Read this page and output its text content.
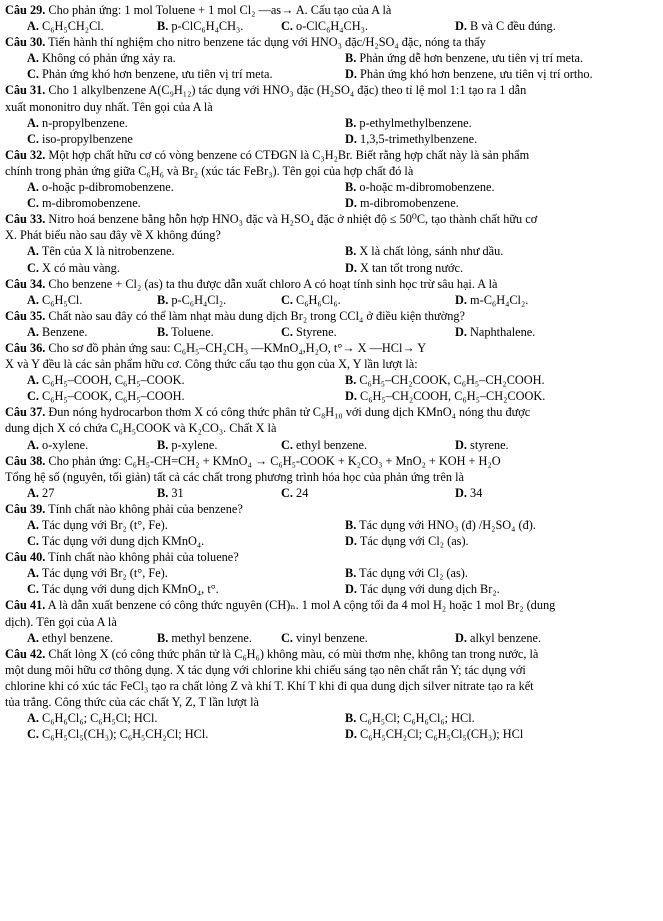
Câu 29. Cho phản ứng: 1 mol Toluene + 1 mol Cl₂ —as→ A. Cấu tạo của A là
A. C₆H₅CH₂Cl.	B. p-ClC₆H₄CH₃.	C. o-ClC₆H₄CH₃.	D. B và C đều đúng.
Câu 30. Tiến hành thí nghiệm cho nitro benzene tác dụng với HNO₃ đặc/H₂SO₄ đặc, nóng ta thấy
A. Không có phản ứng xảy ra.	B. Phản ứng dễ hơn benzene, ưu tiên vị trí meta.
C. Phản ứng khó hơn benzene, ưu tiên vị trí meta.	D. Phản ứng khó hơn benzene, ưu tiên vị trí ortho.
Câu 31. Cho 1 alkylbenzene A(C₉H₁₂) tác dụng với HNO₃ đặc (H₂SO₄ đặc) theo tỉ lệ mol 1:1 tạo ra 1 dẫn
xuất mononitro duy nhất. Tên gọi của A là
A. n-propylbenzene.	B. p-ethylmethylbenzene.
C. iso-propylbenzene	D. 1,3,5-trimethylbenzene.
Câu 32. Một hợp chất hữu cơ có vòng benzene có CTĐGN là C₃H₂Br. Biết rằng hợp chất này là sản phẩm
chính trong phản ứng giữa C₆H₆ và Br₂ (xúc tác FeBr₃). Tên gọi của hợp chất đó là
A. o-hoặc p-dibromobenzene.	B. o-hoặc m-dibromobenzene.
C. m-dibromobenzene.	D. m-dibromobenzene.
Câu 33. Nitro hoá benzene bằng hỗn hợp HNO₃ đặc và H₂SO₄ đặc ở nhiệt độ ≤ 50⁰C, tạo thành chất hữu cơ
X. Phát biểu nào sau đây về X không đúng?
A. Tên của X là nitrobenzene.	B. X là chất lỏng, sánh như dầu.
C. X có màu vàng.	D. X tan tốt trong nước.
Câu 34. Cho benzene + Cl₂ (as) ta thu được dẫn xuất chloro A có hoạt tính sinh học trừ sâu hại. A là
A. C₆H₅Cl.	B. p-C₆H₄Cl₂.	C. C₆H₆Cl₆.	D. m-C₆H₄Cl₂.
Câu 35. Chất nào sau đây có thể làm nhạt màu dung dịch Br₂ trong CCl₄ ở điều kiện thường?
A. Benzene.	B. Toluene.	C. Styrene.	D. Naphthalene.
Câu 36. Cho sơ đồ phản ứng sau: C₆H₅–CH₂CH₃ —KMnO₄,H₂O, t°→ X —HCl→ Y
X và Y đều là các sản phẩm hữu cơ. Công thức cấu tạo thu gọn của X, Y lần lượt là:
A. C₆H₅–COOH, C₆H₅–COOK.	B. C₆H₅–CH₂COOK, C₆H₅–CH₂COOH.
C. C₆H₅–COOK, C₆H₅–COOH.	D. C₆H₅–CH₂COOH, C₆H₅–CH₂COOK.
Câu 37. Đun nóng hydrocarbon thơm X có công thức phân tử C₈H₁₀ với dung dịch KMnO₄ nóng thu được
dung dịch X có chứa C₆H₅COOK và K₂CO₃. Chất X là
A. o-xylene.	B. p-xylene.	C. ethyl benzene.	D. styrene.
Câu 38. Cho phản ứng: C₆H₅-CH=CH₂ + KMnO₄ → C₆H₅-COOK + K₂CO₃ + MnO₂ + KOH + H₂O
Tổng hệ số (nguyên, tối giản) tất cả các chất trong phương trình hóa học của phản ứng trên là
A. 27	B. 31	C. 24	D. 34
Câu 39. Tính chất nào không phải của benzene?
A. Tác dụng với Br₂ (t°, Fe).	B. Tác dụng với HNO₃ (đ) /H₂SO₄ (đ).
C. Tác dụng với dung dịch KMnO₄.	D. Tác dụng với Cl₂ (as).
Câu 40. Tính chất nào không phải của toluene?
A. Tác dụng với Br₂ (t°, Fe).	B. Tác dụng với Cl₂ (as).
C. Tác dụng với dung dịch KMnO₄, t°.	D. Tác dụng với dung dịch Br₂.
Câu 41. A là dẫn xuất benzene có công thức nguyên (CH)ₙ. 1 mol A cộng tối đa 4 mol H₂ hoặc 1 mol Br₂ (dung
dịch). Tên gọi của A là
A. ethyl benzene.	B. methyl benzene.	C. vinyl benzene.	D. alkyl benzene.
Câu 42. Chất lỏng X (có công thức phân tử là C₆H₆) không màu, có mùi thơm nhẹ, không tan trong nước, là
một dung môi hữu cơ thông dụng. X tác dụng với chlorine khi chiếu sáng tạo nên chất rắn Y; tác dụng với
chlorine khi có xúc tác FeCl₃ tạo ra chất lỏng Z và khí T. Khí T khi đi qua dung dịch silver nitrate tạo ra kết
tủa trắng. Công thức của các chất Y, Z, T lần lượt là
A. C₆H₆Cl₆; C₆H₅Cl; HCl.	B. C₆H₅Cl; C₆H₆Cl₆; HCl.
C. C₆H₅Cl₅(CH₃); C₆H₅CH₂Cl; HCl.	D. C₆H₅CH₂Cl; C₆H₅Cl₅(CH₃); HCl
